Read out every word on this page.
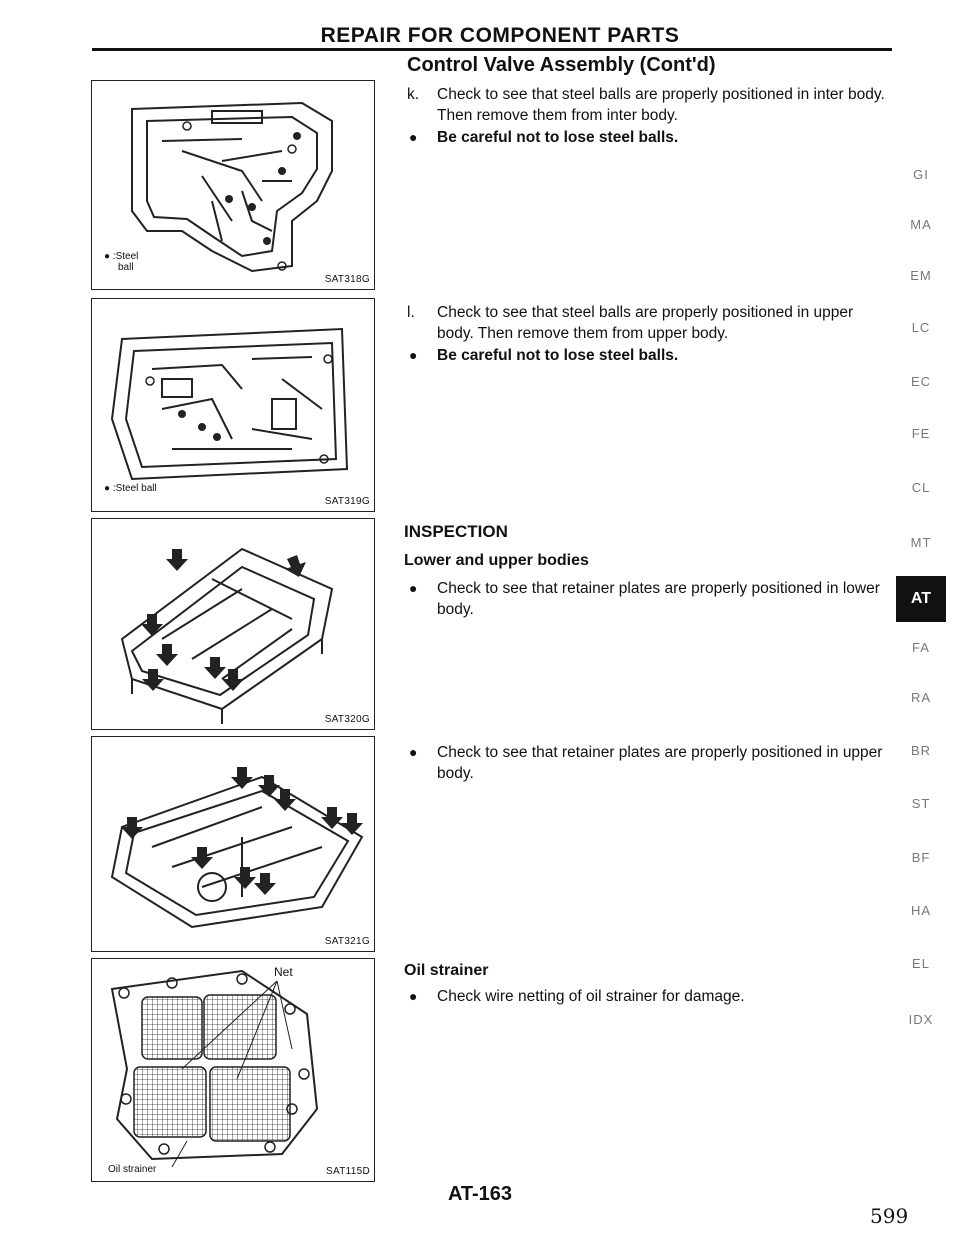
REPAIR FOR COMPONENT PARTS
Control Valve Assembly (Cont'd)
k. Check to see that steel balls are properly positioned in inter body. Then remove them from inter body.
● Be careful not to lose steel balls.
l. Check to see that steel balls are properly positioned in upper body. Then remove them from upper body.
● Be careful not to lose steel balls.
INSPECTION
Lower and upper bodies
● Check to see that retainer plates are properly positioned in lower body.
● Check to see that retainer plates are properly positioned in upper body.
Oil strainer
● Check wire netting of oil strainer for damage.
● :Steel
ball
SAT318G
● :Steel ball
SAT319G
SAT320G
SAT321G
Net
Oil strainer	SAT115D
GI
MA
EM
LC
EC
FE
CL
MT
AT
FA
RA
BR
ST
BF
HA
EL
IDX
AT-163
599
